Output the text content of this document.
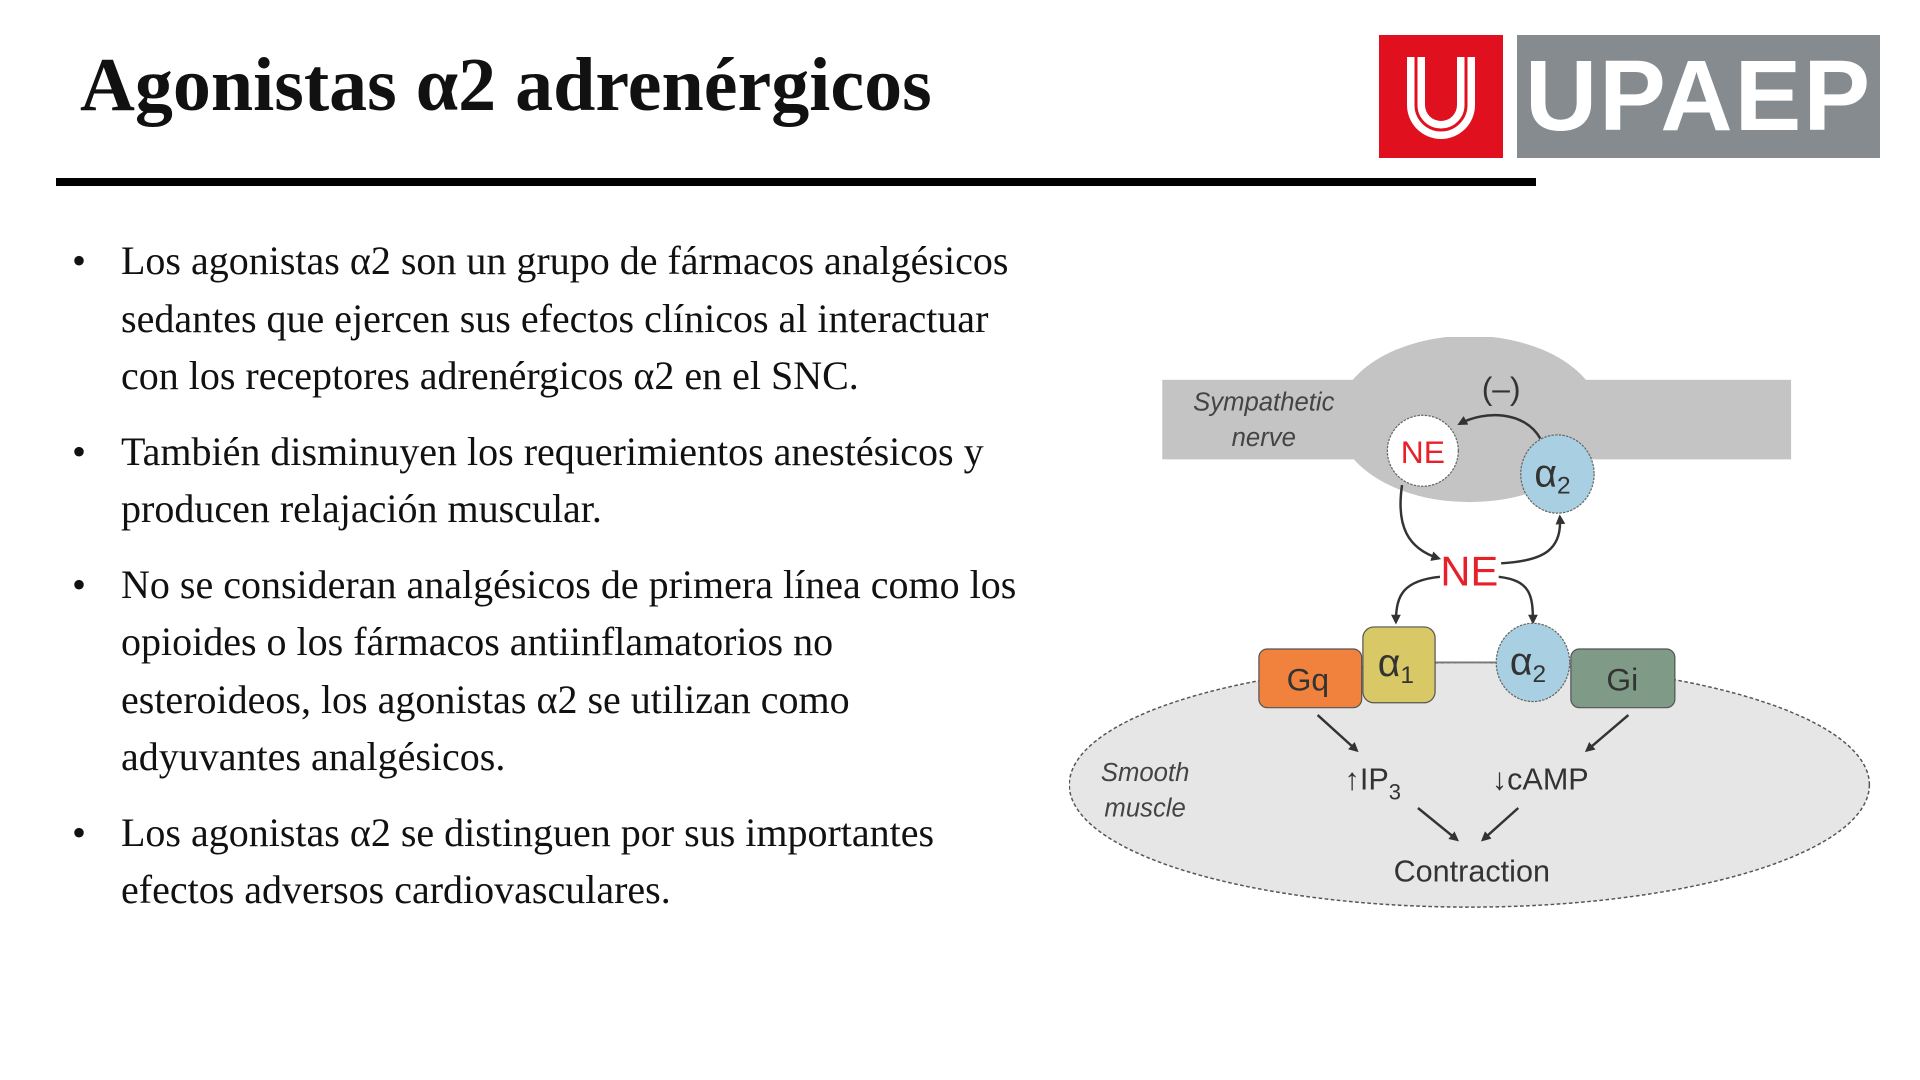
Agonistas α2 adrenérgicos	UPAEP
• Los agonistas α2 son un grupo de fármacos analgésicos sedantes que ejercen sus efectos clínicos al interactuar con los receptores adrenérgicos α2 en el SNC.
• También disminuyen los requerimientos anestésicos y producen relajación muscular.
• No se consideran analgésicos de primera línea como los opioides o los fármacos antiinflamatorios no esteroideos, los agonistas α2 se utilizan como adyuvantes analgésicos.
• Los agonistas α2 se distinguen por sus importantes efectos adversos cardiovasculares.
Sympathetic
nerve
(–)
NE
α2
NE
Gq α1	α2 Gi
Smooth
muscle
$↑IP_3$	↓cAMP
Contraction
